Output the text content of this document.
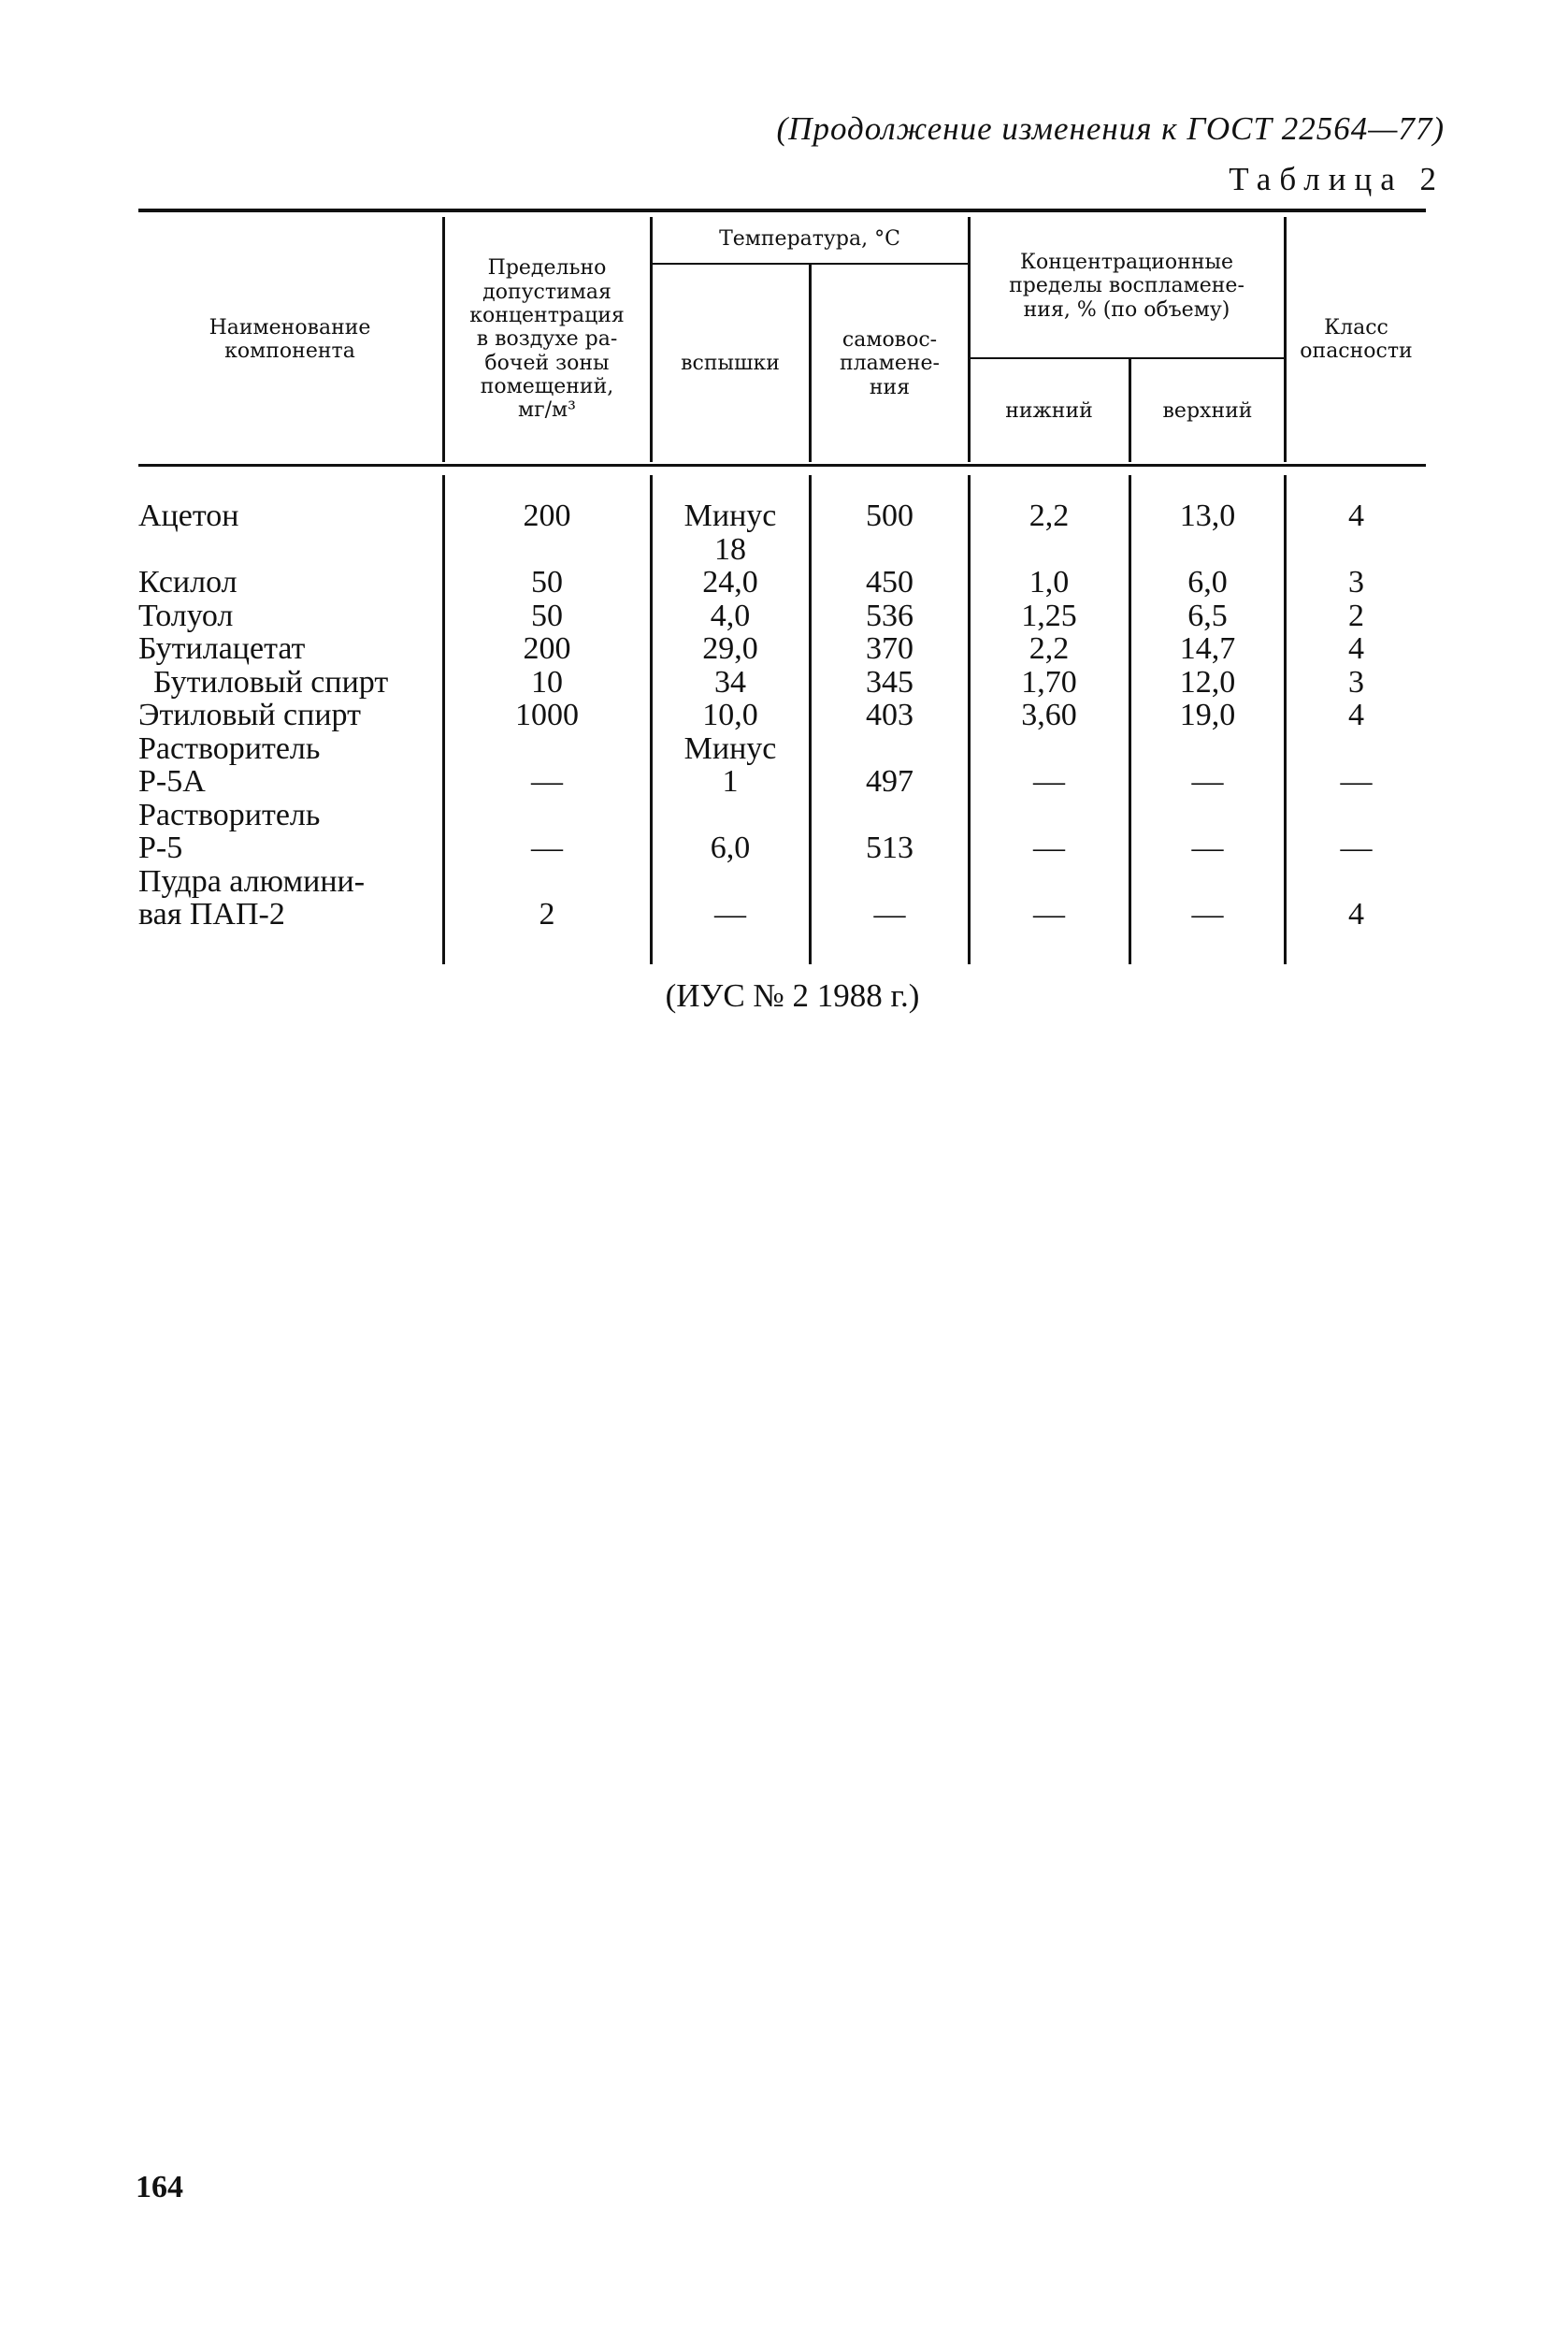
(Продолжение изменения к ГОСТ 22564—77)
Таблица 2
Наименование
компонента
Предельно
допустимая
концентрация
в воздухе ра-
бочей зоны
помещений,
мг/м³
Температура, °C
вспышки
самовос-
пламене-
ния
Концентрационные
пределы воспламене-
ния, % (по объему)
нижний	верхний
Класс
опасности
Ацетон

Ксилол
Толуол
Бутилацетат
Бутиловый спирт
Этиловый спирт
Растворитель
Р-5А
Растворитель
Р-5
Пудра алюмини-
вая ПАП-2
200

50
50
200
10
1000

—

—

2
Минус
18
24,0
4,0
29,0
34
10,0
Минус
1

6,0

—
500

450
536
370
345
403

497

513

—
2,2

1,0
1,25
2,2
1,70
3,60

—

—

—
13,0

6,0
6,5
14,7
12,0
19,0

—

—

—
4

3
2
4
3
4

—

—

4
(ИУС № 2 1988 г.)
164
